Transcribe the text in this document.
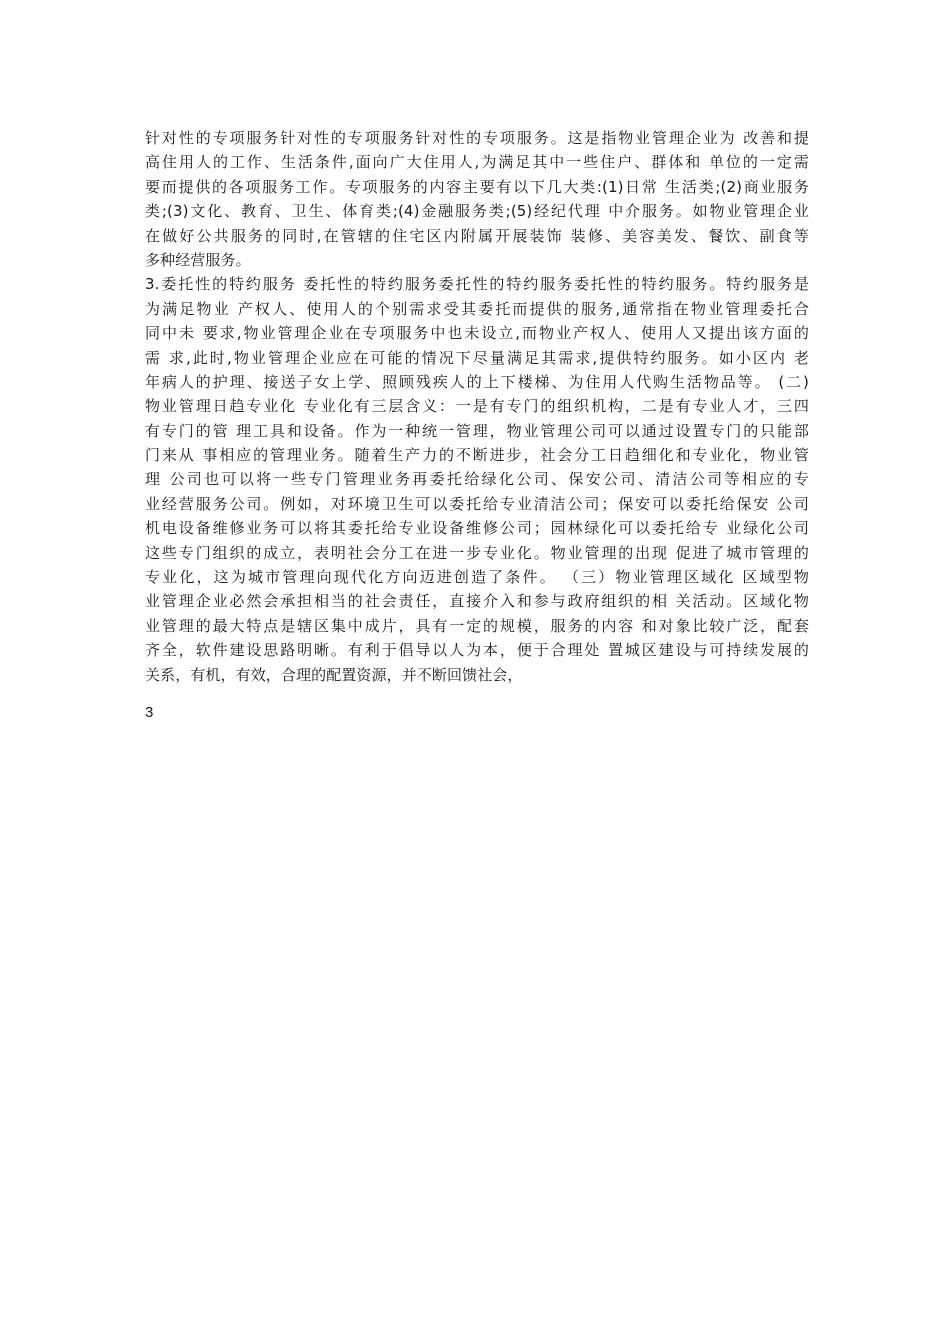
针对性的专项服务针对性的专项服务针对性的专项服务。这是指物业管理企业为 改善和提
高住用人的工作、生活条件,面向广大住用人,为满足其中一些住户、群体和 单位的一定需
要而提供的各项服务工作。专项服务的内容主要有以下几大类:(1)日常 生活类;(2)商业服务
类;(3)文化、教育、卫生、体育类;(4)金融服务类;(5)经纪代理 中介服务。如物业管理企业
在做好公共服务的同时,在管辖的住宅区内附属开展装饰 装修、美容美发、餐饮、副食等
多种经营服务。
3.委托性的特约服务 委托性的特约服务委托性的特约服务委托性的特约服务。特约服务是
为满足物业 产权人、使用人的个别需求受其委托而提供的服务,通常指在物业管理委托合
同中未 要求,物业管理企业在专项服务中也未设立,而物业产权人、使用人又提出该方面的
需 求,此时,物业管理企业应在可能的情况下尽量满足其需求,提供特约服务。如小区内 老
年病人的护理、接送子女上学、照顾残疾人的上下楼梯、为住用人代购生活物品等。 (二)
物业管理日趋专业化 专业化有三层含义：一是有专门的组织机构，二是有专业人才，三四
有专门的管 理工具和设备。作为一种统一管理，物业管理公司可以通过设置专门的只能部
门来从 事相应的管理业务。随着生产力的不断进步，社会分工日趋细化和专业化，物业管
理 公司也可以将一些专门管理业务再委托给绿化公司、保安公司、清洁公司等相应的专
业经营服务公司。例如，对环境卫生可以委托给专业清洁公司；保安可以委托给保安 公司
机电设备维修业务可以将其委托给专业设备维修公司；园林绿化可以委托给专 业绿化公司
这些专门组织的成立，表明社会分工在进一步专业化。物业管理的出现 促进了城市管理的
专业化，这为城市管理向现代化方向迈进创造了条件。 （三）物业管理区域化 区域型物
业管理企业必然会承担相当的社会责任，直接介入和参与政府组织的相 关活动。区域化物
业管理的最大特点是辖区集中成片，具有一定的规模，服务的内容 和对象比较广泛，配套
齐全，软件建设思路明晰。有利于倡导以人为本，便于合理处 置城区建设与可持续发展的
关系，有机，有效，合理的配置资源，并不断回馈社会，
3
